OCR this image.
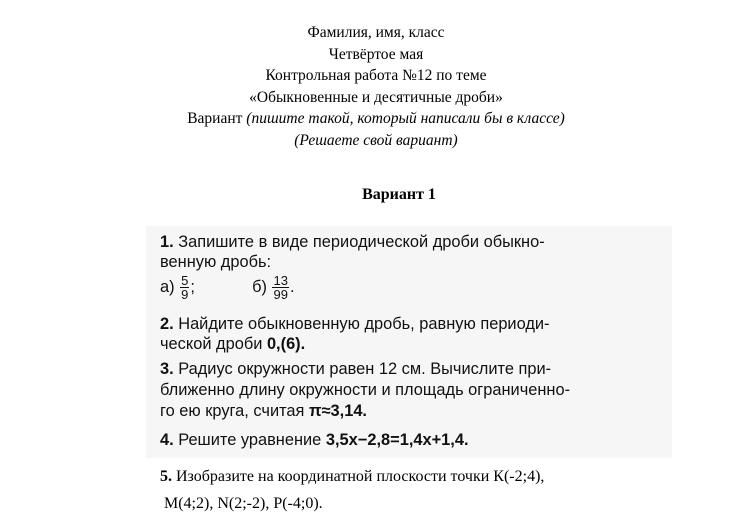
Фамилия, имя, класс
Четвёртое мая
Контрольная работа №12 по теме
«Обыкновенные и десятичные дроби»
Вариант (пишите такой, который написали бы в классе)
(Решаете свой вариант)
Вариант 1
1. Запишите в виде периодической дроби обыкно-
венную дробь:
$а) \frac{5}{9}$ ;	$б) \frac{13}{99}$ .
2. Найдите обыкновенную дробь, равную периоди-
ческой дроби 0,(6).
3. Радиус окружности равен 12 см. Вычислите при-
ближенно длину окружности и площадь ограниченно-
го ею круга, считая π≈3,14.
4. Решите уравнение 3,5x−2,8=1,4x+1,4.
5. Изобразите на координатной плоскости точки К(-2;4),
М(4;2), N(2;-2), P(-4;0).
